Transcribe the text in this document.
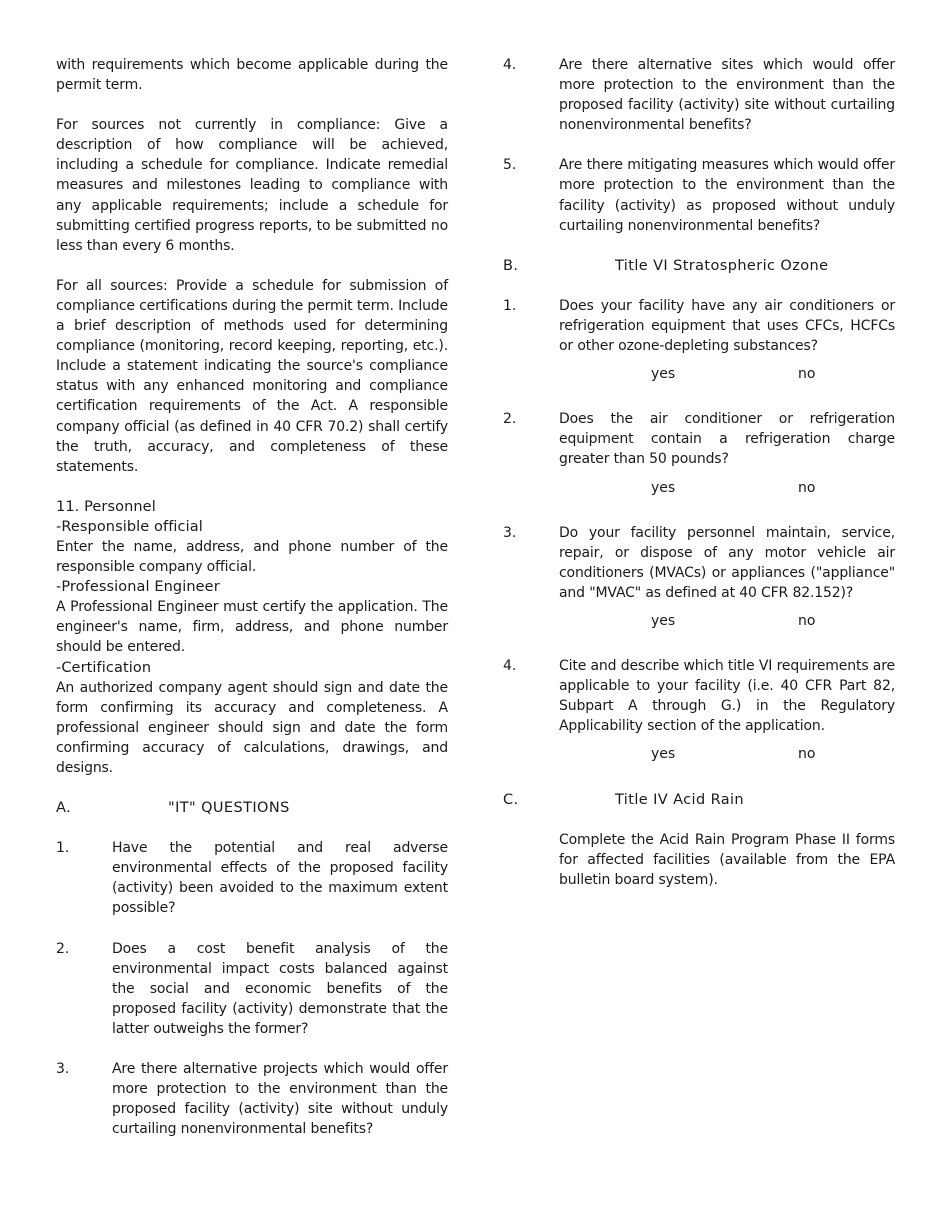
with requirements which become applicable during the permit term.

For sources not currently in compliance: Give a description of how compliance will be achieved, including a schedule for compliance. Indicate remedial measures and milestones leading to compliance with any applicable requirements; include a schedule for submitting certified progress reports, to be submitted no less than every 6 months.

For all sources: Provide a schedule for submission of compliance certifications during the permit term. Include a brief description of methods used for determining compliance (monitoring, record keeping, reporting, etc.). Include a statement indicating the source's compliance status with any enhanced monitoring and compliance certification requirements of the Act. A responsible company official (as defined in 40 CFR 70.2) shall certify the truth, accuracy, and completeness of these statements.

11. Personnel
-Responsible official

Enter the name, address, and phone number of the responsible company official.

-Professional Engineer

A Professional Engineer must certify the application. The engineer's name, firm, address, and phone number should be entered.

-Certification

An authorized company agent should sign and date the form confirming its accuracy and completeness. A professional engineer should sign and date the form confirming accuracy of calculations, drawings, and designs.

A.	"IT" QUESTIONS
1.	Have the potential and real adverse environmental effects of the proposed facility (activity) been avoided to the maximum extent possible?

2.	Does a cost benefit analysis of the environmental impact costs balanced against the social and economic benefits of the proposed facility (activity) demonstrate that the latter outweighs the former?

3.	Are there alternative projects which would offer more protection to the environment than the proposed facility (activity) site without unduly curtailing nonenvironmental benefits?

4.	Are there alternative sites which would offer more protection to the environment than the proposed facility (activity) site without curtailing nonenvironmental benefits?

5.	Are there mitigating measures which would offer more protection to the environment than the facility (activity) as proposed without unduly curtailing nonenvironmental benefits?

B.	Title VI Stratospheric Ozone
1.	Does your facility have any air conditioners or refrigeration equipment that uses CFCs, HCFCs or other ozone-depleting substances?

yes	no
2.	Does the air conditioner or refrigeration equipment contain a refrigeration charge greater than 50 pounds?

yes	no
3.	Do your facility personnel maintain, service, repair, or dispose of any motor vehicle air conditioners (MVACs) or appliances ("appliance" and "MVAC" as defined at 40 CFR 82.152)?

yes	no
4.	Cite and describe which title VI requirements are applicable to your facility (i.e. 40 CFR Part 82, Subpart A through G.) in the Regulatory Applicability section of the application.

yes	no
C.	Title IV Acid Rain

Complete the Acid Rain Program Phase II forms for affected facilities (available from the EPA bulletin board system).
